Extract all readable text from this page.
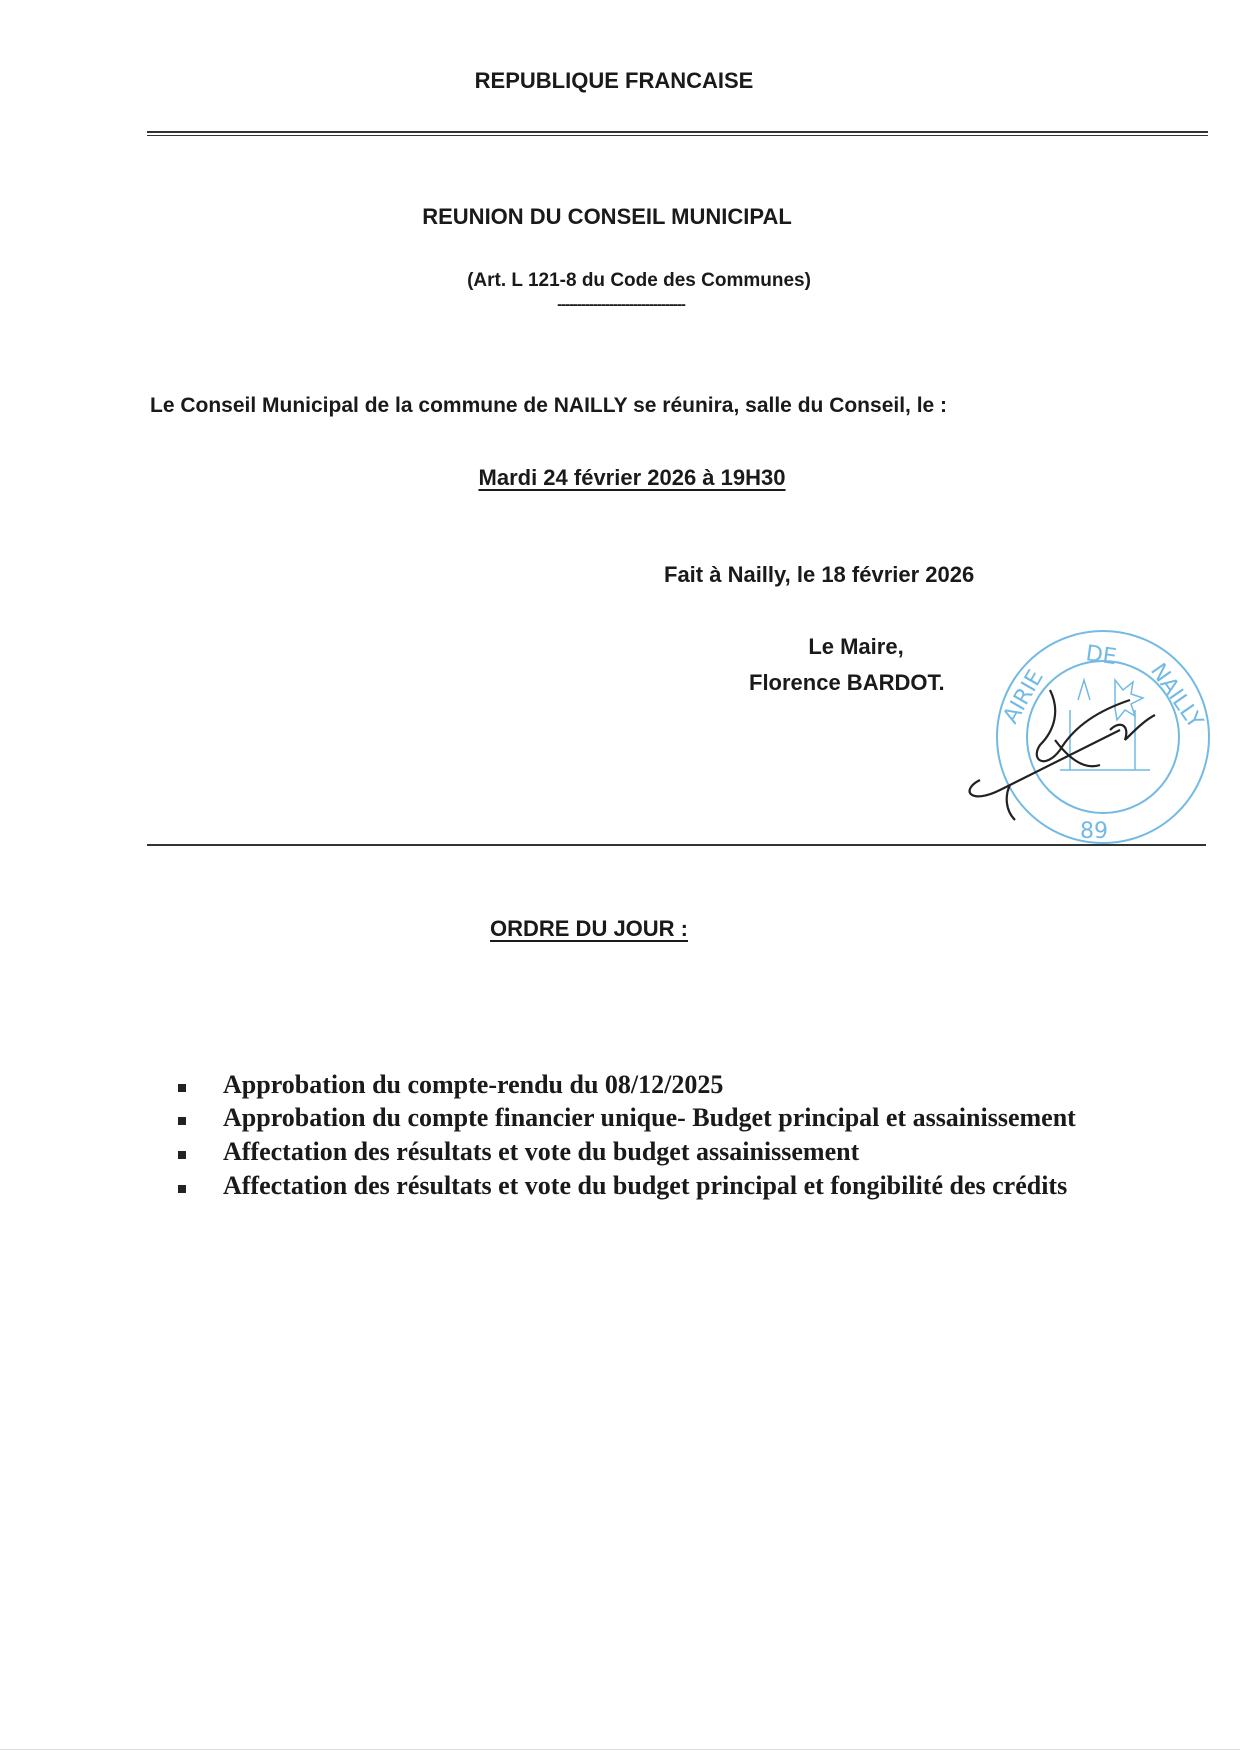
REPUBLIQUE FRANCAISE
REUNION DU CONSEIL MUNICIPAL
(Art. L 121-8 du Code des Communes)
--------------------------------
Le Conseil Municipal de la commune de NAILLY se réunira, salle du Conseil, le :
Mardi 24 février 2026 à 19H30
Fait à Nailly, le 18 février 2026
Le Maire,
Florence BARDOT.
89
AIRIE
DE
NAILLY
ORDRE DU JOUR :
Approbation du compte-rendu du 08/12/2025
Approbation du compte financier unique- Budget principal et assainissement
Affectation des résultats et vote du budget assainissement
Affectation des résultats et vote du budget principal et fongibilité des crédits
